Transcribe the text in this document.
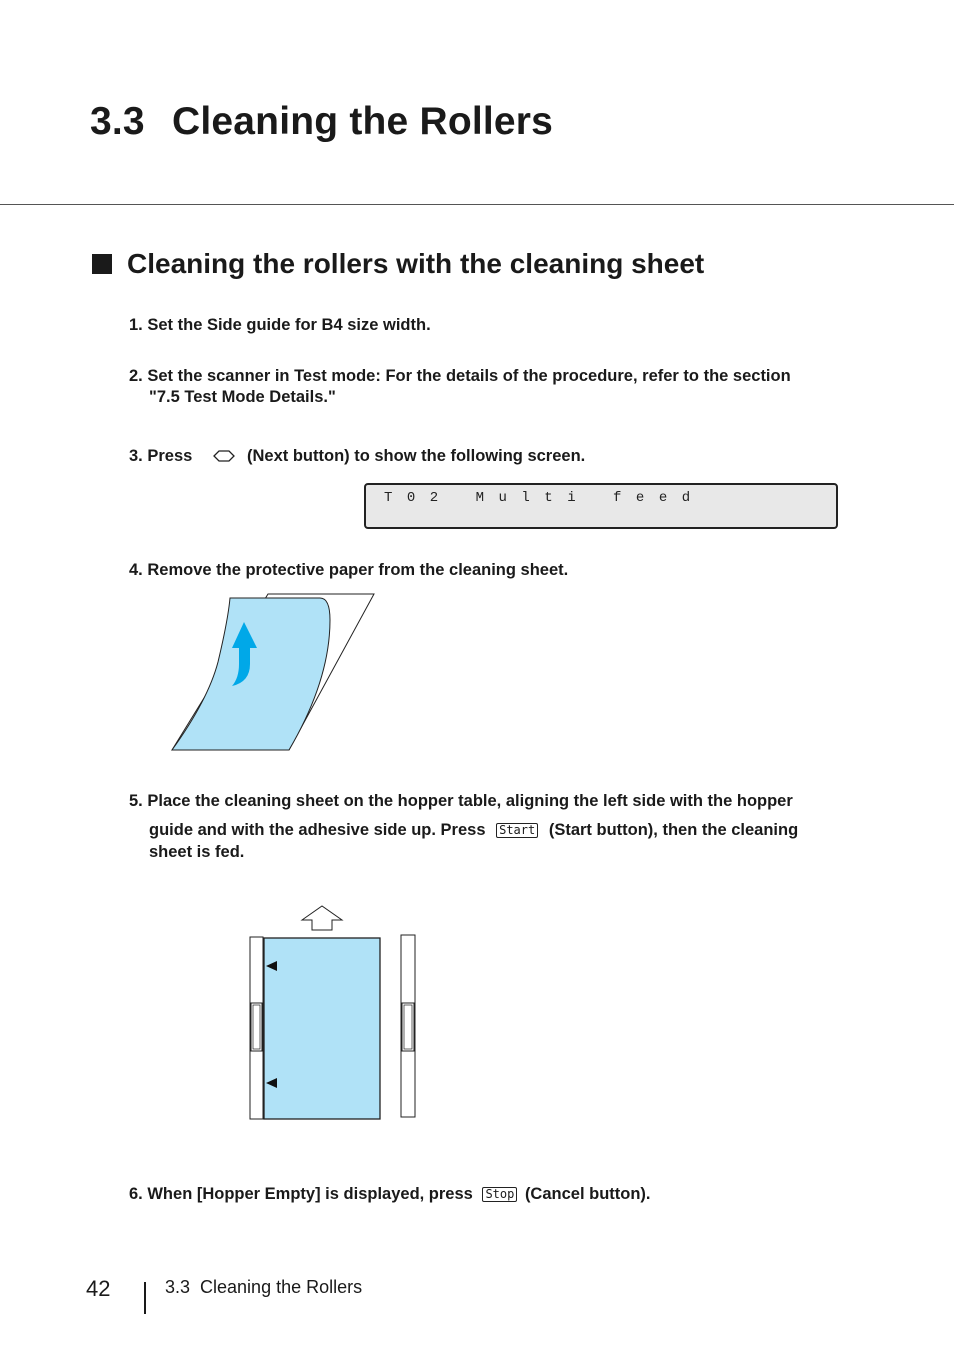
3.3 Cleaning the Rollers
Cleaning the rollers with the cleaning sheet
1. Set the Side guide for B4 size width.
2. Set the scanner in Test mode: For the details of the procedure, refer to the section
"7.5 Test Mode Details."
3. Press	(Next button) to show the following screen.
T02 Multi feed
4. Remove the protective paper from the cleaning sheet.
5. Place the cleaning sheet on the hopper table, aligning the left side with the hopper
guide and with the adhesive side up. Press Start (Start button), then the cleaning
sheet is fed.
6. When [Hopper Empty] is displayed, press Stop (Cancel button).
42	3.3 Cleaning the Rollers
